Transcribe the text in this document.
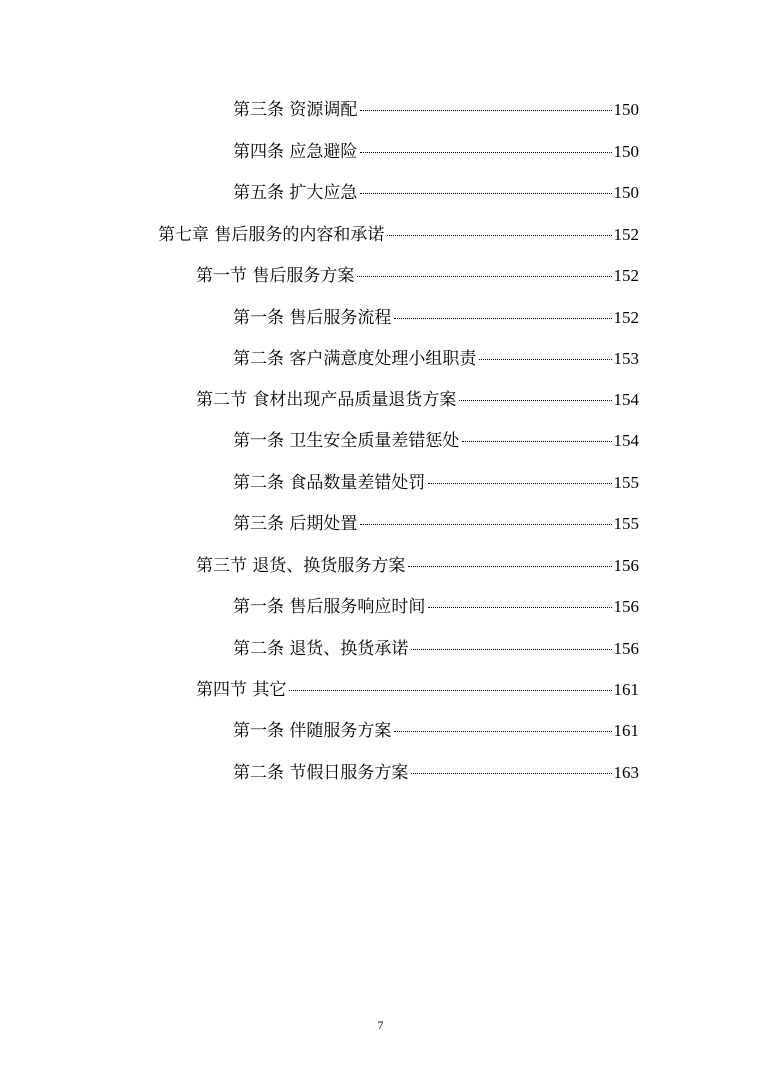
第三条 资源调配	150
第四条 应急避险	150
第五条 扩大应急	150
第七章 售后服务的内容和承诺	152
第一节 售后服务方案	152
第一条 售后服务流程	152
第二条 客户满意度处理小组职责	153
第二节 食材出现产品质量退货方案	154
第一条 卫生安全质量差错惩处	154
第二条 食品数量差错处罚	155
第三条 后期处置	155
第三节 退货、换货服务方案	156
第一条 售后服务响应时间	156
第二条 退货、换货承诺	156
第四节 其它	161
第一条 伴随服务方案	161
第二条 节假日服务方案	163
7
